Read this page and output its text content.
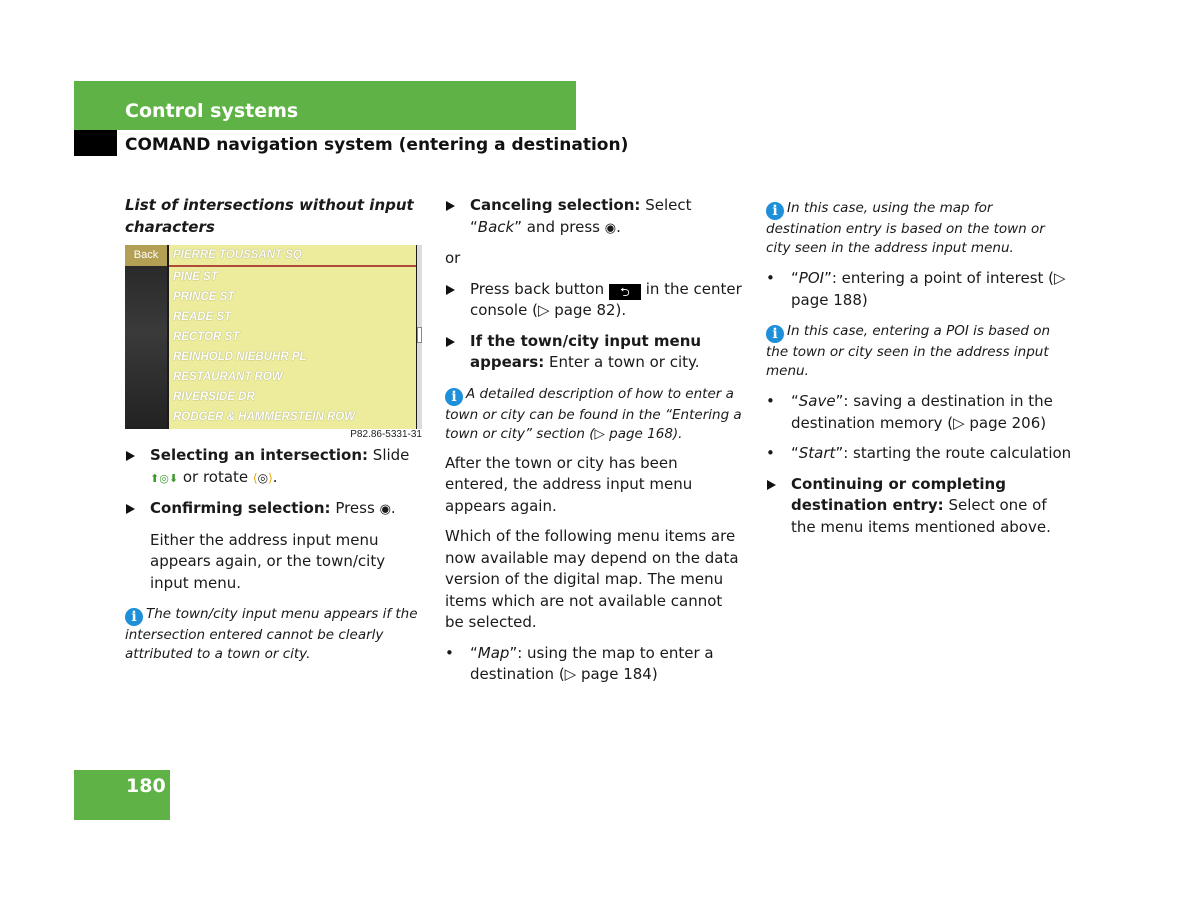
Control systems
COMAND navigation system (entering a destination)

List of intersections without input characters

Back	PIERRE TOUSSANT SQ
PINE ST
PRINCE ST
READE ST
RECTOR ST
REINHOLD NIEBUHR PL
RESTAURANT ROW
RIVERSIDE DR
RODGER & HAMMERSTEIN ROW
P82.86-5331-31

Selecting an intersection: Slide ⬆◎⬇ or rotate ⟨◎⟩.

Confirming selection: Press ◉.

Either the address input menu appears again, or the town/city input menu.

i The town/city input menu appears if the intersection entered cannot be clearly attributed to a town or city.

Canceling selection: Select “Back” and press ◉.

or

Press back button ⮌ in the center console (▷ page 82).

If the town/city input menu appears: Enter a town or city.

i A detailed description of how to enter a town or city can be found in the “Entering a town or city” section (▷ page 168).

After the town or city has been entered, the address input menu appears again.

Which of the following menu items are now available may depend on the data version of the digital map. The menu items which are not available cannot be selected.

• “Map”: using the map to enter a destination (▷ page 184)

i In this case, using the map for destination entry is based on the town or city seen in the address input menu.

• “POI”: entering a point of interest (▷ page 188)

i In this case, entering a POI is based on the town or city seen in the address input menu.

• “Save”: saving a destination in the destination memory (▷ page 206)

• “Start”: starting the route calculation

Continuing or completing destination entry: Select one of the menu items mentioned above.

180
